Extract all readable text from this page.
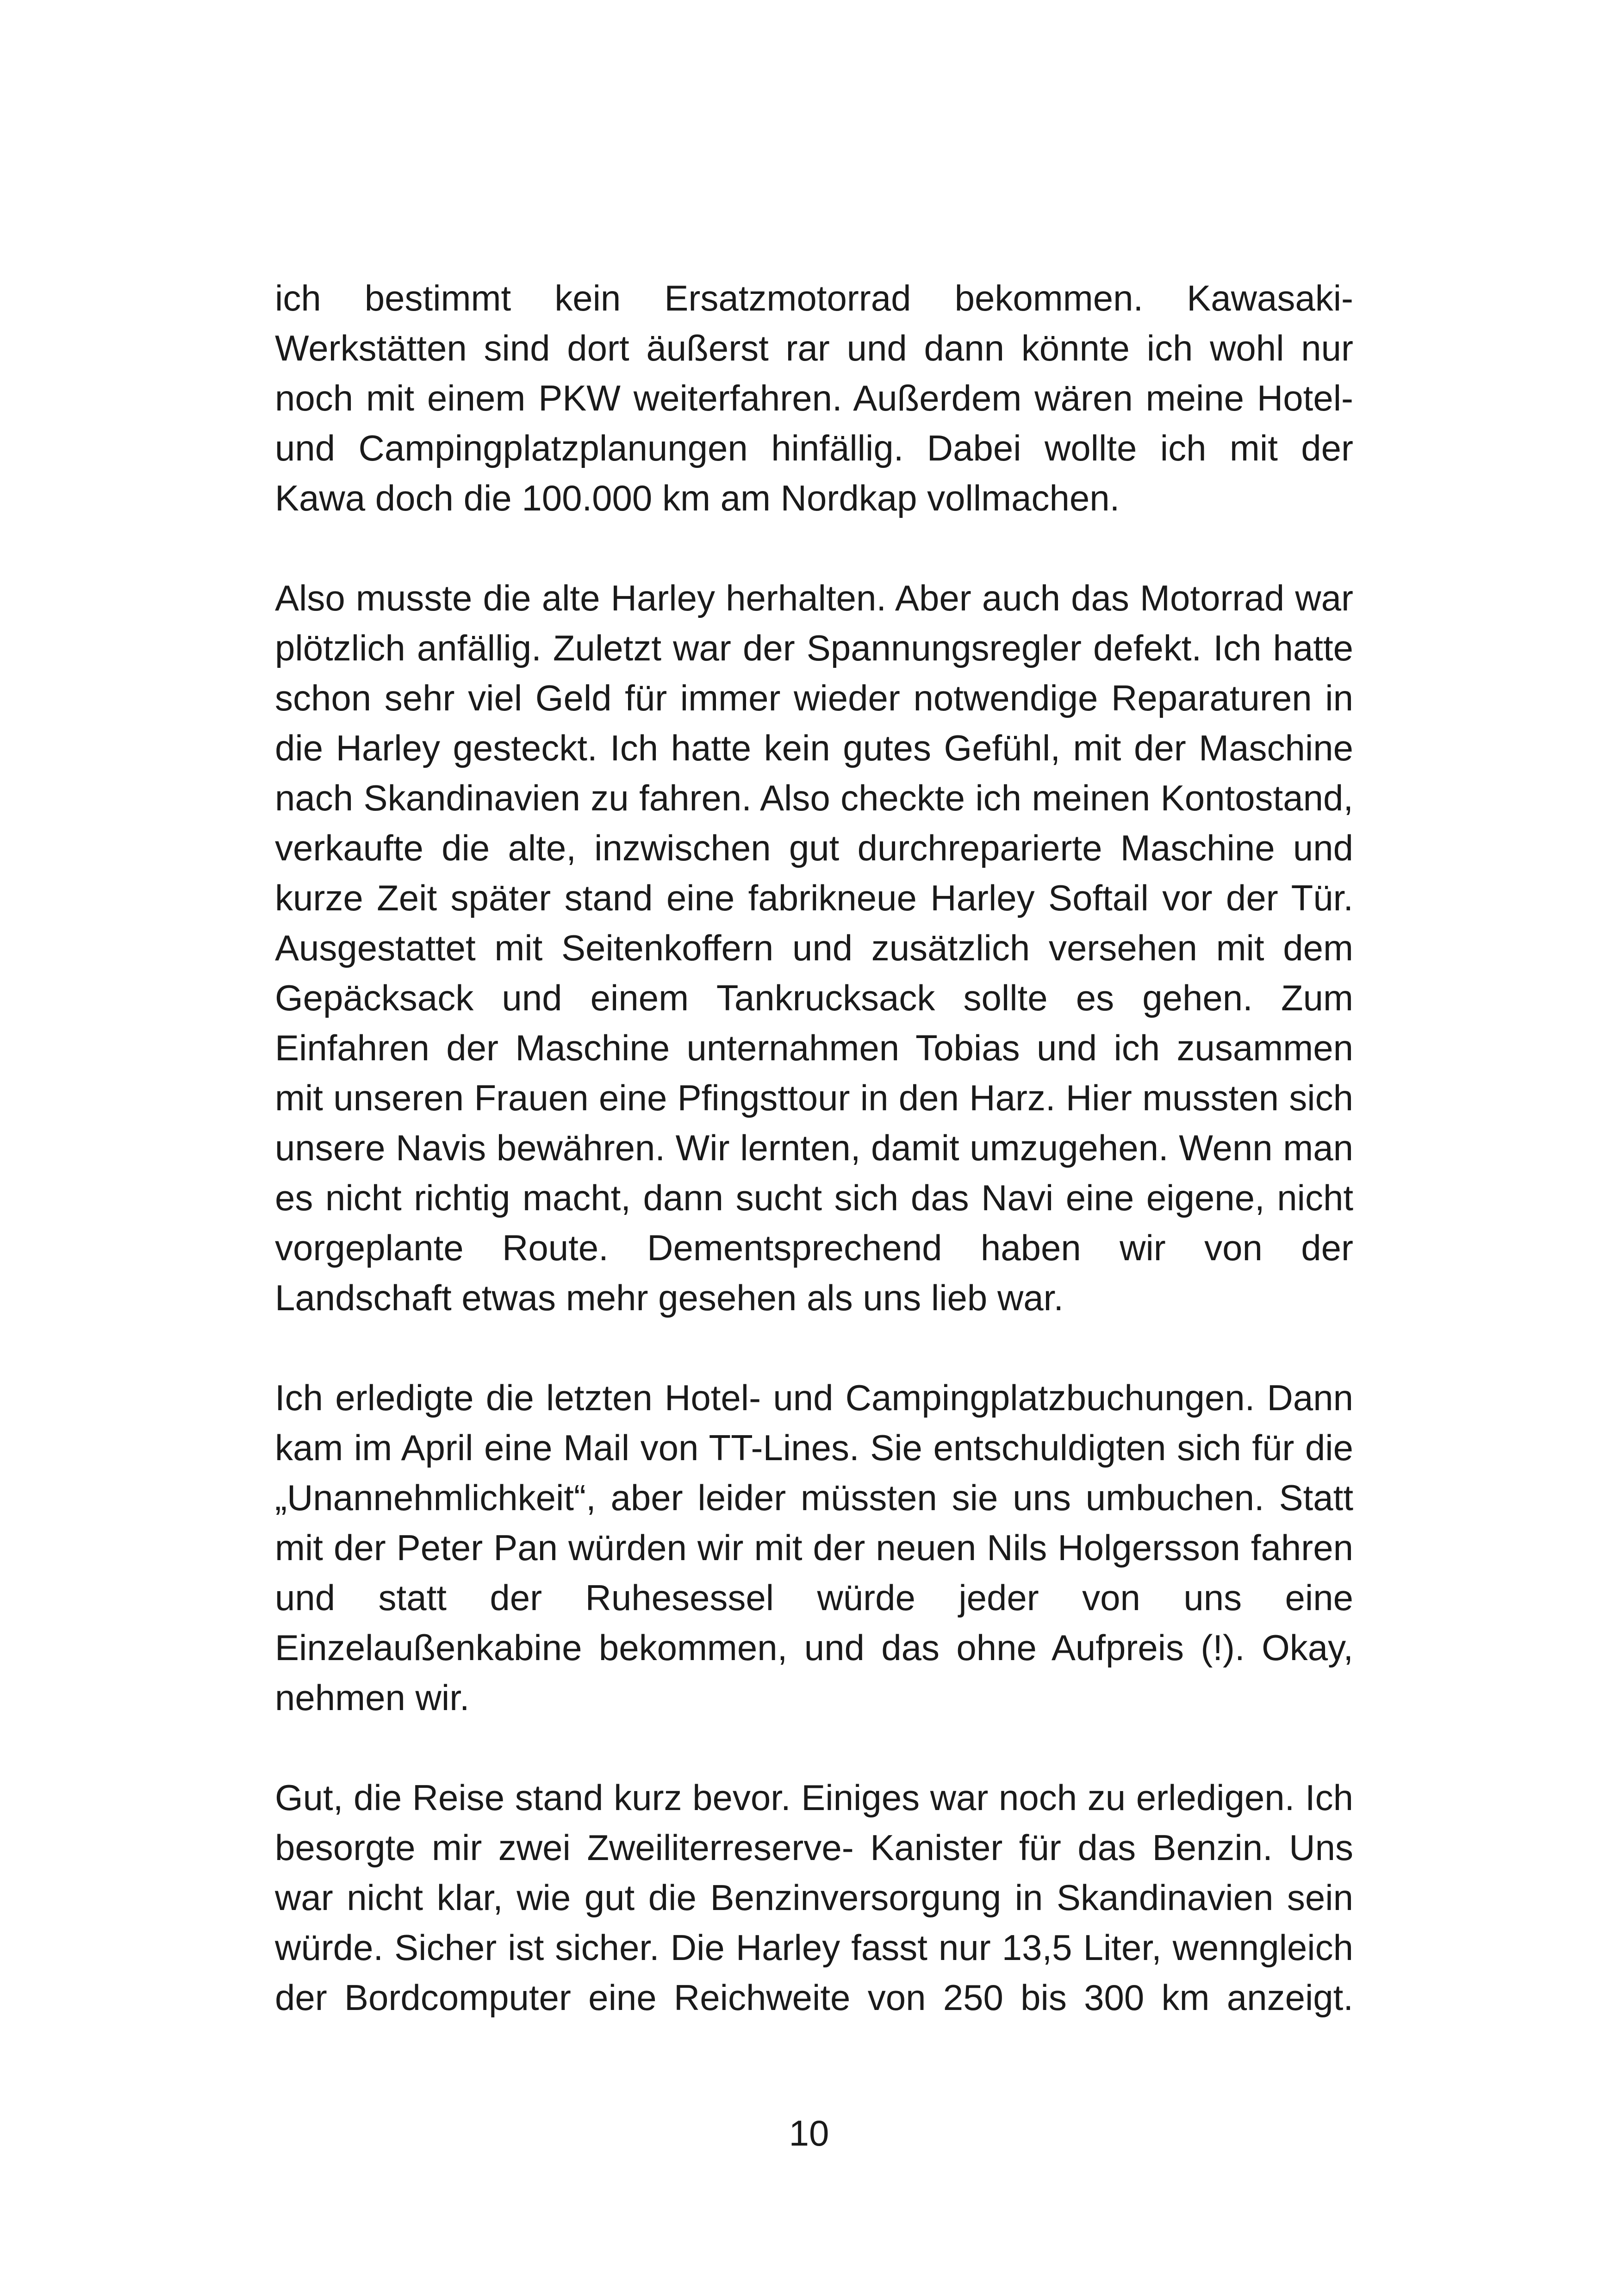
ich bestimmt kein Ersatzmotorrad bekommen. Kawasaki-Werkstätten sind dort äußerst rar und dann könnte ich wohl nur noch mit einem PKW weiterfahren. Außerdem wären meine Hotel- und Campingplatzplanungen hinfällig. Dabei wollte ich mit der Kawa doch die 100.000 km am Nordkap vollmachen.

Also musste die alte Harley herhalten. Aber auch das Motorrad war plötzlich anfällig. Zuletzt war der Spannungsregler defekt. Ich hatte schon sehr viel Geld für immer wieder notwendige Reparaturen in die Harley gesteckt. Ich hatte kein gutes Gefühl, mit der Maschine nach Skandinavien zu fahren. Also checkte ich meinen Kontostand, verkaufte die alte, inzwischen gut durchreparierte Maschine und kurze Zeit später stand eine fabrikneue Harley Softail vor der Tür. Ausgestattet mit Seitenkoffern und zusätzlich versehen mit dem Gepäcksack und einem Tankrucksack sollte es gehen. Zum Einfahren der Maschine unternahmen Tobias und ich zusammen mit unseren Frauen eine Pfingsttour in den Harz. Hier mussten sich unsere Navis bewähren. Wir lernten, damit umzugehen. Wenn man es nicht richtig macht, dann sucht sich das Navi eine eigene, nicht vorgeplante Route. Dementsprechend haben wir von der Landschaft etwas mehr gesehen als uns lieb war.

Ich erledigte die letzten Hotel- und Campingplatzbuchungen. Dann kam im April eine Mail von TT-Lines. Sie entschuldigten sich für die „Unannehmlichkeit“, aber leider müssten sie uns umbuchen. Statt mit der Peter Pan würden wir mit der neuen Nils Holgersson fahren und statt der Ruhesessel würde jeder von uns eine Einzelaußenkabine bekommen, und das ohne Aufpreis (!). Okay, nehmen wir.

Gut, die Reise stand kurz bevor. Einiges war noch zu erledigen. Ich besorgte mir zwei Zweiliterreserve- Kanister für das Benzin. Uns war nicht klar, wie gut die Benzinversorgung in Skandinavien sein würde. Sicher ist sicher. Die Harley fasst nur 13,5 Liter, wenngleich der Bordcomputer eine Reichweite von 250 bis 300 km anzeigt.

10
